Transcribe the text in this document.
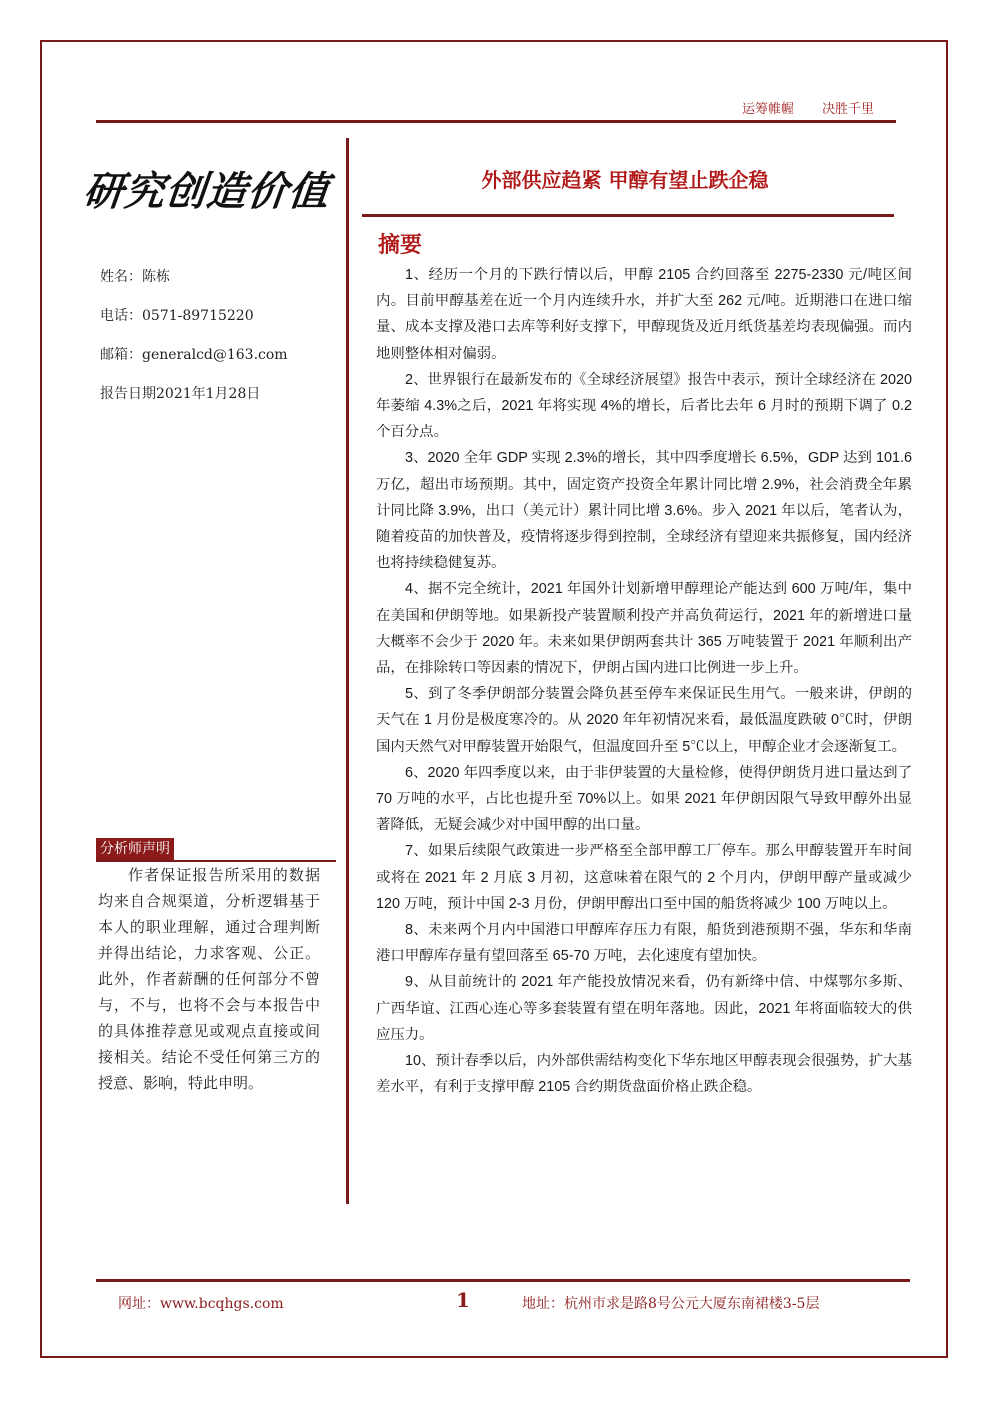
运筹帷幄 决胜千里
研究创造价值	外部供应趋紧 甲醇有望止跌企稳
姓名：陈栋
电话：0571-89715220
邮箱：generalcd@163.com
报告日期2021年1月28日
分析师声明
作者保证报告所采用的数据均来自合规渠道，分析逻辑基于本人的职业理解，通过合理判断并得出结论，力求客观、公正。此外，作者薪酬的任何部分不曾与，不与，也将不会与本报告中的具体推荐意见或观点直接或间接相关。结论不受任何第三方的授意、影响，特此申明。
摘要

1、经历一个月的下跌行情以后，甲醇 2105 合约回落至 2275-2330 元/吨区间内。目前甲醇基差在近一个月内连续升水，并扩大至 262 元/吨。近期港口在进口缩量、成本支撑及港口去库等利好支撑下，甲醇现货及近月纸货基差均表现偏强。而内地则整体相对偏弱。

2、世界银行在最新发布的《全球经济展望》报告中表示，预计全球经济在 2020 年萎缩 4.3%之后，2021 年将实现 4%的增长，后者比去年 6 月时的预期下调了 0.2 个百分点。

3、2020 全年 GDP 实现 2.3%的增长，其中四季度增长 6.5%，GDP 达到 101.6 万亿，超出市场预期。其中，固定资产投资全年累计同比增 2.9%，社会消费全年累计同比降 3.9%，出口（美元计）累计同比增 3.6%。步入 2021 年以后，笔者认为，随着疫苗的加快普及，疫情将逐步得到控制，全球经济有望迎来共振修复，国内经济也将持续稳健复苏。

4、据不完全统计，2021 年国外计划新增甲醇理论产能达到 600 万吨/年，集中在美国和伊朗等地。如果新投产装置顺利投产并高负荷运行，2021 年的新增进口量大概率不会少于 2020 年。未来如果伊朗两套共计 365 万吨装置于 2021 年顺利出产品，在排除转口等因素的情况下，伊朗占国内进口比例进一步上升。

5、到了冬季伊朗部分装置会降负甚至停车来保证民生用气。一般来讲，伊朗的天气在 1 月份是极度寒冷的。从 2020 年年初情况来看，最低温度跌破 0℃时，伊朗国内天然气对甲醇装置开始限气，但温度回升至 5℃以上，甲醇企业才会逐渐复工。

6、2020 年四季度以来，由于非伊装置的大量检修，使得伊朗货月进口量达到了 70 万吨的水平，占比也提升至 70%以上。如果 2021 年伊朗因限气导致甲醇外出显著降低，无疑会减少对中国甲醇的出口量。

7、如果后续限气政策进一步严格至全部甲醇工厂停车。那么甲醇装置开车时间或将在 2021 年 2 月底 3 月初，这意味着在限气的 2 个月内，伊朗甲醇产量或减少 120 万吨，预计中国 2-3 月份，伊朗甲醇出口至中国的船货将减少 100 万吨以上。

8、未来两个月内中国港口甲醇库存压力有限，船货到港预期不强，华东和华南港口甲醇库存量有望回落至 65-70 万吨，去化速度有望加快。

9、从目前统计的 2021 年产能投放情况来看，仍有新绛中信、中煤鄂尔多斯、广西华谊、江西心连心等多套装置有望在明年落地。因此，2021 年将面临较大的供应压力。

10、预计春季以后，内外部供需结构变化下华东地区甲醇表现会很强势，扩大基差水平，有利于支撑甲醇 2105 合约期货盘面价格止跌企稳。

网址：www.bcqhgs.com	1	地址：杭州市求是路8号公元大厦东南裙楼3-5层
